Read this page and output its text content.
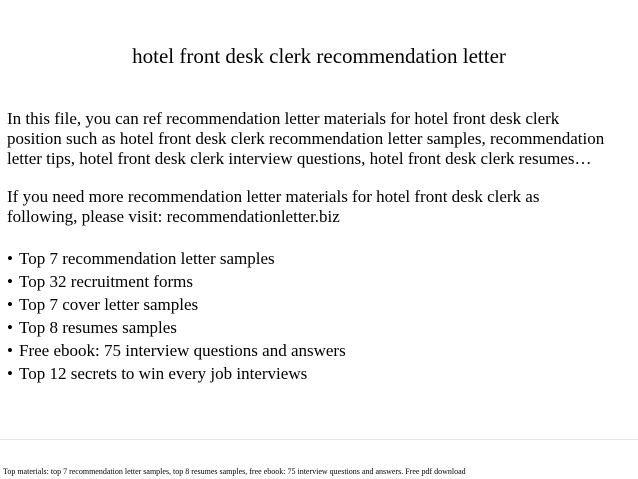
hotel front desk clerk recommendation letter
In this file, you can ref recommendation letter materials for hotel front desk clerk
position such as hotel front desk clerk recommendation letter samples, recommendation
letter tips, hotel front desk clerk interview questions, hotel front desk clerk resumes…
If you need more recommendation letter materials for hotel front desk clerk as
following, please visit: recommendationletter.biz
• Top 7 recommendation letter samples
• Top 32 recruitment forms
• Top 7 cover letter samples
• Top 8 resumes samples
• Free ebook: 75 interview questions and answers
• Top 12 secrets to win every job interviews
Top materials: top 7 recommendation letter samples, top 8 resumes samples, free ebook: 75 interview questions and answers. Free pdf download
